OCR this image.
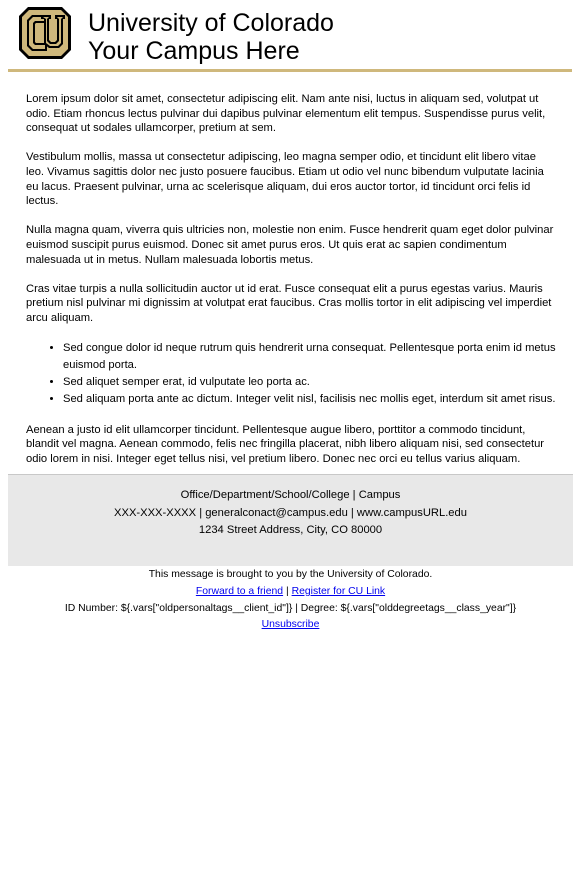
University of Colorado
Your Campus Here

Lorem ipsum dolor sit amet, consectetur adipiscing elit. Nam ante nisi, luctus in aliquam sed, volutpat ut odio. Etiam rhoncus lectus pulvinar dui dapibus pulvinar elementum elit tempus. Suspendisse purus velit, consequat ut sodales ullamcorper, pretium at sem.

Vestibulum mollis, massa ut consectetur adipiscing, leo magna semper odio, et tincidunt elit libero vitae leo. Vivamus sagittis dolor nec justo posuere faucibus. Etiam ut odio vel nunc bibendum vulputate lacinia eu lacus. Praesent pulvinar, urna ac scelerisque aliquam, dui eros auctor tortor, id tincidunt orci felis id lectus.

Nulla magna quam, viverra quis ultricies non, molestie non enim. Fusce hendrerit quam eget dolor pulvinar euismod suscipit purus euismod. Donec sit amet purus eros. Ut quis erat ac sapien condimentum malesuada ut in metus. Nullam malesuada lobortis metus.

Cras vitae turpis a nulla sollicitudin auctor ut id erat. Fusce consequat elit a purus egestas varius. Mauris pretium nisl pulvinar mi dignissim at volutpat erat faucibus. Cras mollis tortor in elit adipiscing vel imperdiet arcu aliquam.

• Sed congue dolor id neque rutrum quis hendrerit urna consequat. Pellentesque porta enim id metus euismod porta.
• Sed aliquet semper erat, id vulputate leo porta ac.
• Sed aliquam porta ante ac dictum. Integer velit nisl, facilisis nec mollis eget, interdum sit amet risus.

Aenean a justo id elit ullamcorper tincidunt. Pellentesque augue libero, porttitor a commodo tincidunt, blandit vel magna. Aenean commodo, felis nec fringilla placerat, nibh libero aliquam nisi, sed consectetur odio lorem in nisi. Integer eget tellus nisi, vel pretium libero. Donec nec orci eu tellus varius aliquam.

Office/Department/School/College | Campus
XXX-XXX-XXXX | generalconact@campus.edu | www.campusURL.edu
1234 Street Address, City, CO 80000
This message is brought to you by the University of Colorado.
Forward to a friend | Register for CU Link
ID Number: ${.vars["oldpersonaltags__client_id"]} | Degree: ${.vars["olddegreetags__class_year"]}
Unsubscribe
